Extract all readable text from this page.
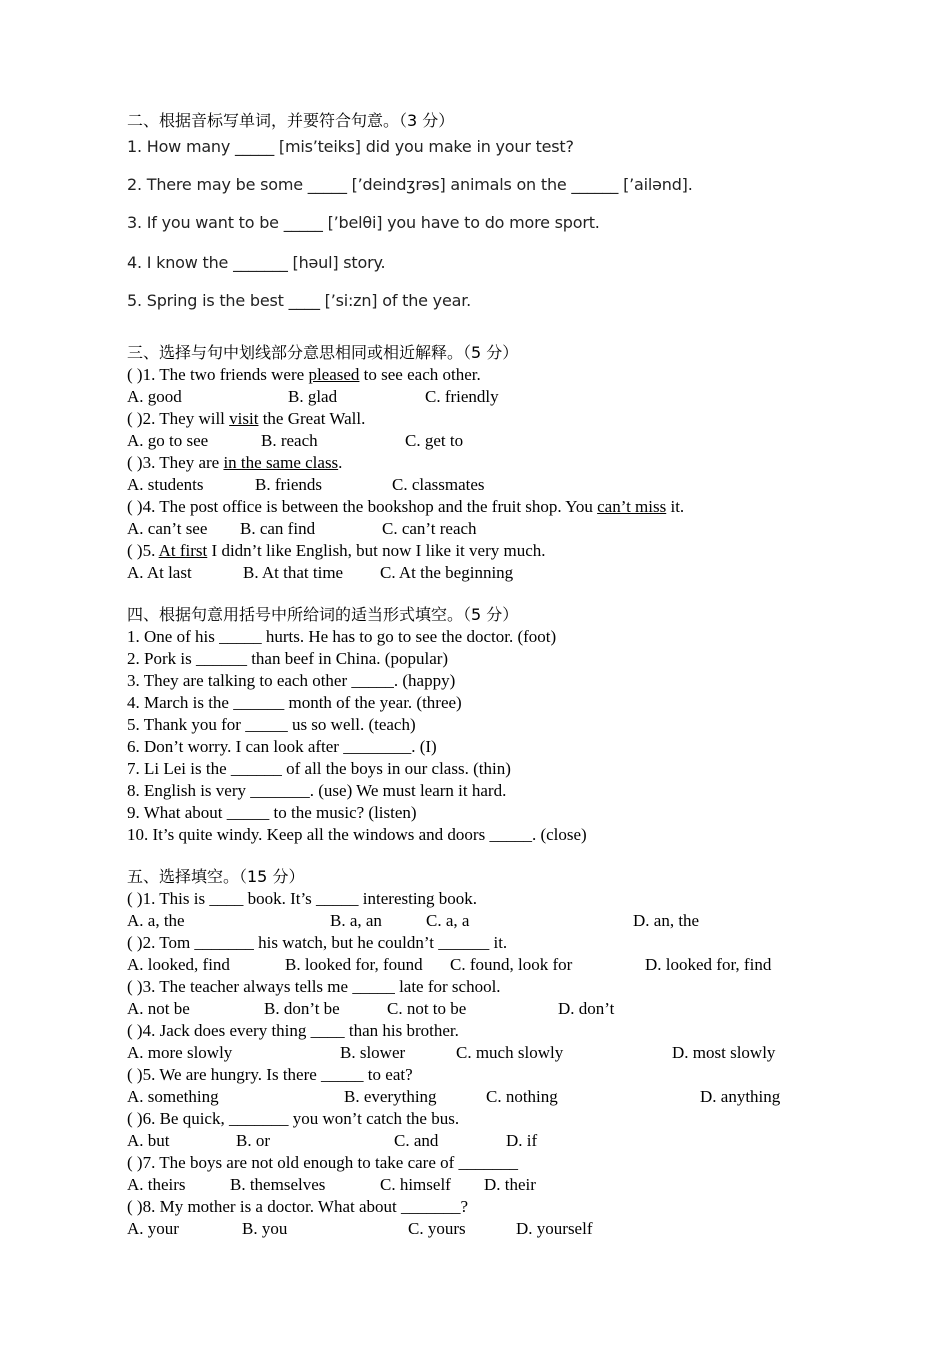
二、根据音标写单词，并要符合句意。（3 分）
1. How many _____ [mis’teiks] did you make in your test?
2. There may be some _____ [’deindʒrəs] animals on the ______ [’ailənd].
3. If you want to be _____ [’belθi] you have to do more sport.
4. I know the _______ [həul] story.
5. Spring is the best ____ [’si:zn] of the year.
三、选择与句中划线部分意思相同或相近解释。（5 分）
( )1. The two friends were pleased to see each other.

A. good

	B. glad

	C. friendly

( )2. They will visit the Great Wall.

A. go to see

	B. reach

	C. get to

( )3. They are in the same class.

A. students

	B. friends

	C. classmates

( )4. The post office is between the bookshop and the fruit shop. You can’t miss it.

A. can’t see

B. can find

	C. can’t reach

( )5. At first I didn’t like English, but now I like it very much.

A. At last

	B. At that time

C. At the beginning

四、根据句意用括号中所给词的适当形式填空。（5 分）
1. One of his _____ hurts. He has to go to see the doctor. (foot)
2. Pork is ______ than beef in China. (popular)
3. They are talking to each other _____. (happy)
4. March is the ______ month of the year. (three)
5. Thank you for _____ us so well. (teach)
6. Don’t worry. I can look after ________. (I)
7. Li Lei is the ______ of all the boys in our class. (thin)
8. English is very _______. (use) We must learn it hard.
9. What about _____ to the music? (listen)
10. It’s quite windy. Keep all the windows and doors _____. (close)
五、选择填空。（15 分）
( )1. This is ____ book. It’s _____ interesting book.

A. a, the

	B. a, an

	C. a, a

	D. an, the

( )2. Tom _______ his watch, but he couldn’t ______ it.

A. looked, find

	B. looked for, found

C. found, look for

	D. looked for, find

( )3. The teacher always tells me _____ late for school.

A. not be

	B. don’t be

	C. not to be

	D. don’t

( )4. Jack does every thing ____ than his brother.

A. more slowly

	B. slower

	C. much slowly

	D. most slowly

( )5. We are hungry. Is there _____ to eat?

A. something

	B. everything

	C. nothing

	D. anything

( )6. Be quick, _______ you won’t catch the bus.

A. but

	B. or

	C. and

	D. if

( )7. The boys are not old enough to take care of _______

A. theirs

	B. themselves

	C. himself

D. their

( )8. My mother is a doctor. What about _______?

A. your

	B. you

	C. yours

	D. yourself
